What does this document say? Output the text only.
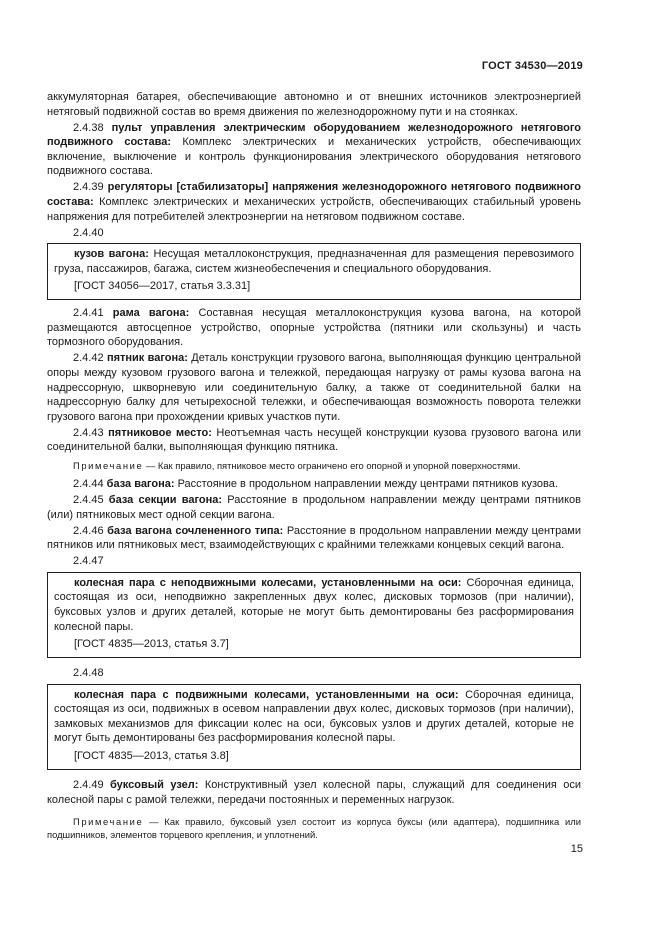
ГОСТ 34530—2019

аккумуляторная батарея, обеспечивающие автономно и от внешних источников электроэнергией нетяговый подвижной состав во время движения по железнодорожному пути и на стоянках.

2.4.38 пульт управления электрическим оборудованием железнодорожного нетягового подвижного состава: Комплекс электрических и механических устройств, обеспечивающих включение, выключение и контроль функционирования электрического оборудования нетягового подвижного состава.

2.4.39 регуляторы [стабилизаторы] напряжения железнодорожного нетягового подвижного состава: Комплекс электрических и механических устройств, обеспечивающих стабильный уровень напряжения для потребителей электроэнергии на нетяговом подвижном составе.

2.4.40

кузов вагона: Несущая металлоконструкция, предназначенная для размещения перевозимого груза, пассажиров, багажа, систем жизнеобеспечения и специального оборудования.

[ГОСТ 34056—2017, статья 3.3.31]

2.4.41 рама вагона: Составная несущая металлоконструкция кузова вагона, на которой размещаются автосцепное устройство, опорные устройства (пятники или скользуны) и часть тормозного оборудования.

2.4.42 пятник вагона: Деталь конструкции грузового вагона, выполняющая функцию центральной опоры между кузовом грузового вагона и тележкой, передающая нагрузку от рамы кузова вагона на надрессорную, шкворневую или соединительную балку, а также от соединительной балки на надрессорную балку для четырехосной тележки, и обеспечивающая возможность поворота тележки грузового вагона при прохождении кривых участков пути.

2.4.43 пятниковое место: Неотъемная часть несущей конструкции кузова грузового вагона или соединительной балки, выполняющая функцию пятника.

Примечание — Как правило, пятниковое место ограничено его опорной и упорной поверхностями.

2.4.44 база вагона: Расстояние в продольном направлении между центрами пятников кузова.

2.4.45 база секции вагона: Расстояние в продольном направлении между центрами пятников (или) пятниковых мест одной секции вагона.

2.4.46 база вагона сочлененного типа: Расстояние в продольном направлении между центрами пятников или пятниковых мест, взаимодействующих с крайними тележками концевых секций вагона.

2.4.47

колесная пара с неподвижными колесами, установленными на оси: Сборочная единица, состоящая из оси, неподвижно закрепленных двух колес, дисковых тормозов (при наличии), буксовых узлов и других деталей, которые не могут быть демонтированы без расформирования колесной пары.

[ГОСТ 4835—2013, статья 3.7]

2.4.48

колесная пара с подвижными колесами, установленными на оси: Сборочная единица, состоящая из оси, подвижных в осевом направлении двух колес, дисковых тормозов (при наличии), замковых механизмов для фиксации колес на оси, буксовых узлов и других деталей, которые не могут быть демонтированы без расформирования колесной пары.

[ГОСТ 4835—2013, статья 3.8]

2.4.49 буксовый узел: Конструктивный узел колесной пары, служащий для соединения оси колесной пары с рамой тележки, передачи постоянных и переменных нагрузок.

Примечание — Как правило, буксовый узел состоит из корпуса буксы (или адаптера), подшипника или подшипников, элементов торцевого крепления, и уплотнений.

15
